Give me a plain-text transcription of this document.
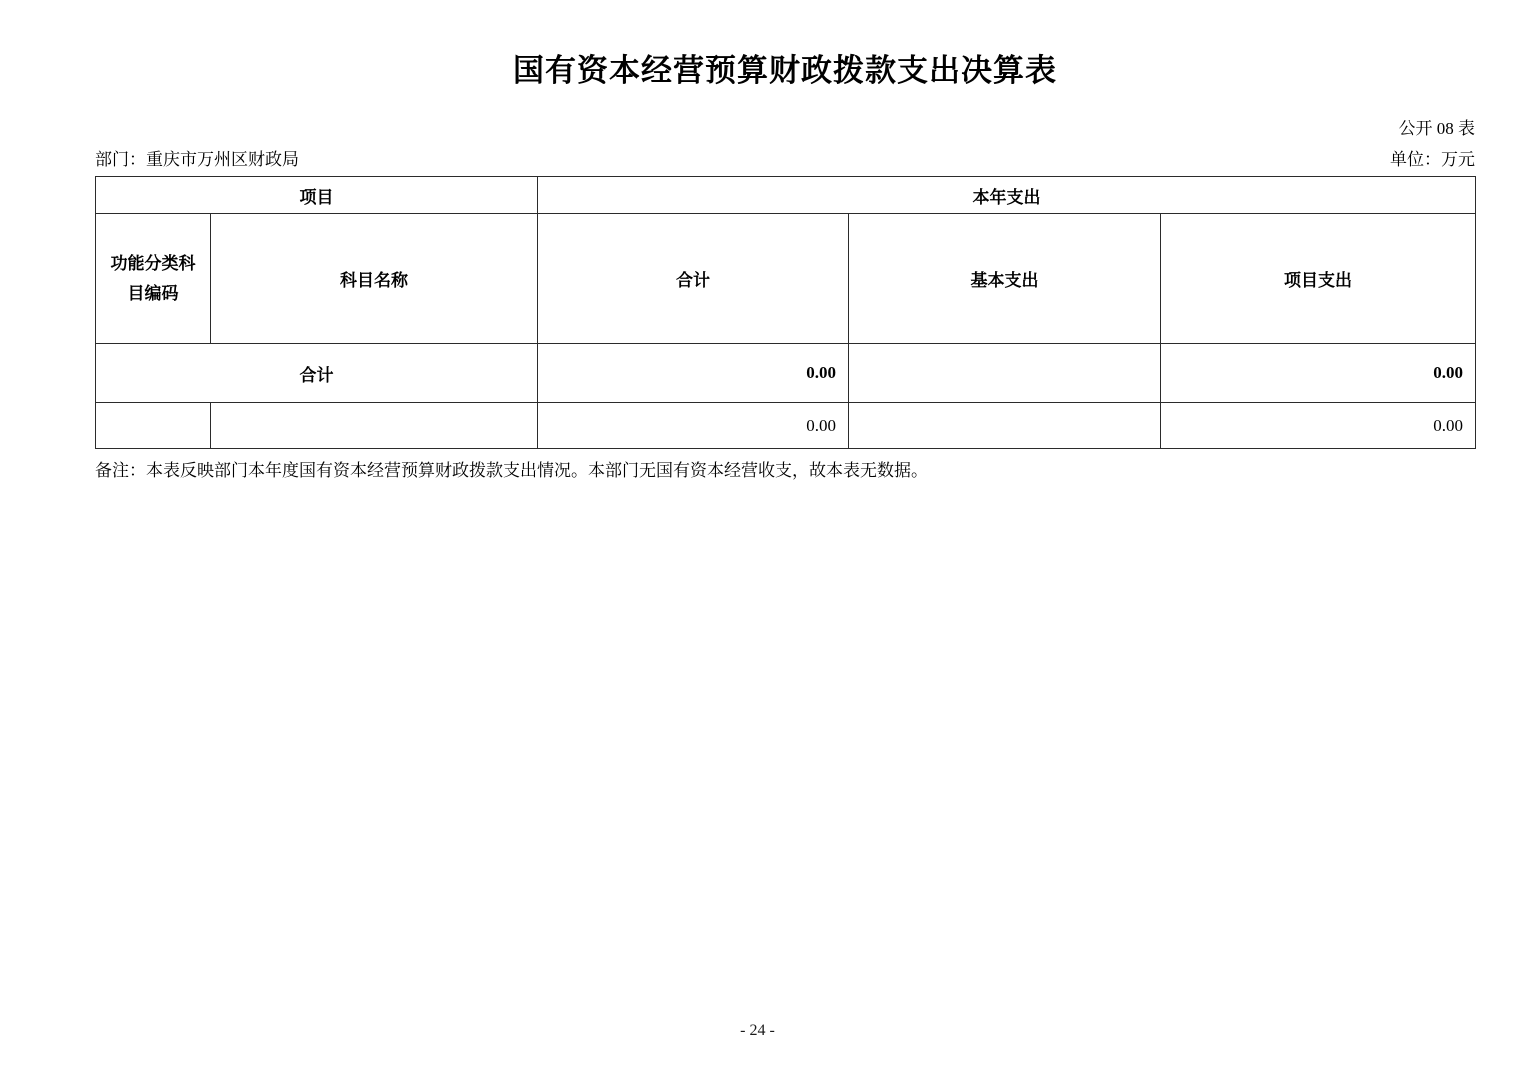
国有资本经营预算财政拨款支出决算表
公开 08 表
部门：重庆市万州区财政局	单位：万元
项目		本年支出		
功能分类科目编码	科目名称	合计	基本支出	项目支出
合计		0.00		0.00
		0.00		0.00
备注：本表反映部门本年度国有资本经营预算财政拨款支出情况。本部门无国有资本经营收支，故本表无数据。
- 24 -
